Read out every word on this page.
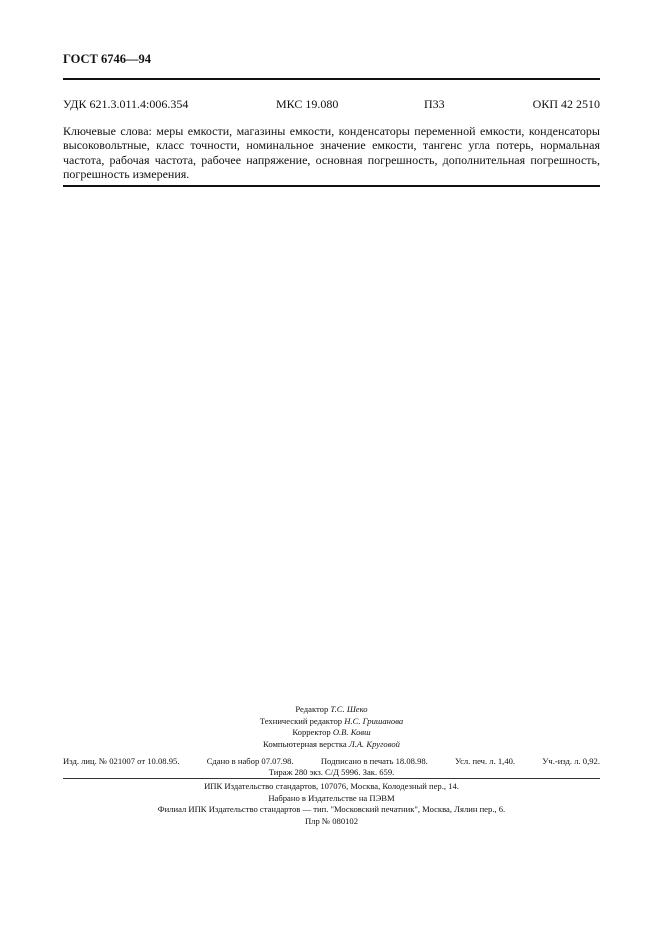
ГОСТ 6746—94
УДК 621.3.011.4:006.354	МКС 19.080	П33	ОКП 42 2510
Ключевые слова: меры емкости, магазины емкости, конденсаторы переменной емкости, конденсаторы высоковольтные, класс точности, номинальное значение емкости, тангенс угла потерь, нормальная частота, рабочая частота, рабочее напряжение, основная погрешность, дополнительная погрешность, погрешность измерения.
Редактор Т.С. Шеко
Технический редактор Н.С. Гришанова
Корректор О.В. Ковш
Компьютерная верстка Л.А. Круговой
Изд. лиц. № 021007 от 10.08.95.	Сдано в набор 07.07.98.	Подписано в печать 18.08.98.	Усл. печ. л. 1,40.	Уч.-изд. л. 0,92.
Тираж 280 экз. С/Д 5996. Зак. 659.
ИПК Издательство стандартов, 107076, Москва, Колодезный пер., 14.
Набрано в Издательстве на ПЭВМ
Филиал ИПК Издательство стандартов — тип. "Московский печатник", Москва, Лялин пер., 6.
Плр № 080102
